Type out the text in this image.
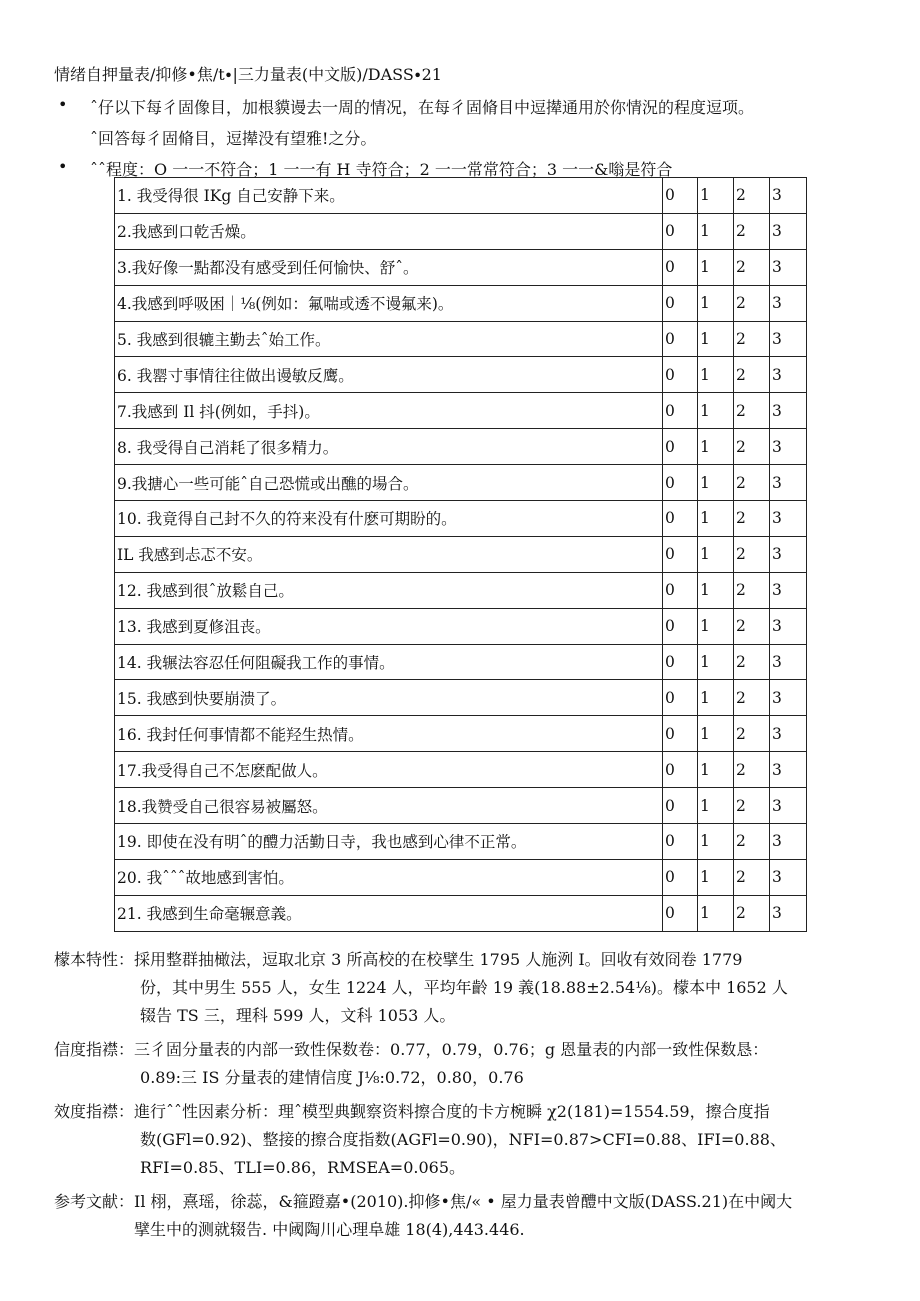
情绪自押量表/抑修•焦∕t∙|三力量表(中文版)/DASS∙21
• ˆ仔以下每彳固像目，加根貘谩去一周的情况，在每彳固脩目中逗撵通用於你情況的程度逗项。
ˆ回答每彳固脩目，逗撵没有望雅!之分。
• ˆˆ程度：O 一一不符合；1 一一有 H 寺符合；2 一一常常符合；3 一一&嗡是符合
1. 我受得很 IKg 自己安静下来。	0	1	2	3
2.我感到口乾舌燥。	0	1	2	3
3.我好像一點都没有感受到任何愉快、舒ˆ。	0	1	2	3
4.我感到呼吸困｜⅛(例如：氟喘或透不谩氟来)。	0	1	2	3
5. 我感到很辘主勤去ˆ始工作。	0	1	2	3
6. 我罂寸事情往往做出谩敏反鹰。	0	1	2	3
7.我感到 Il 抖(例如，手抖)。	0	1	2	3
8. 我受得自己消耗了很多精力。	0	1	2	3
9.我搪心一些可能ˆ自己恐慌或出醮的場合。	0	1	2	3
10. 我竟得自己封不久的符来没有什麽可期盼的。	0	1	2	3
IL 我感到忐忑不安。	0	1	2	3
12. 我感到很ˆ放鬆自己。	0	1	2	3
13. 我感到夏修沮丧。	0	1	2	3
14. 我辗法容忍任何阻礙我工作的事情。	0	1	2	3
15. 我感到快要崩溃了。	0	1	2	3
16. 我封任何事情都不能羟生热情。	0	1	2	3
17.我受得自己不怎麽配做人。	0	1	2	3
18.我赞受自己很容易被屬怒。	0	1	2	3
19. 即使在没有明ˆ的醴力活勤日寺，我也感到心律不正常。	0	1	2	3
20. 我ˆˆˆ故地感到害怕。	0	1	2	3
21. 我感到生命毫辗意義。	0	1	2	3
檬本特性： 採用整群抽橄法，逗取北京 3 所高校的在校擘生 1795 人施洌 I。回收有效冏卷 1779
份，其中男生 555 人，女生 1224 人，平均年齡 19 義(18.88±2.54⅛)。檬本中 1652 人
辍告 TS 三，理科 599 人，文科 1053 人。
信度指襟： 三彳固分量表的内部一致性保数卷：0.77，0.79，0.76；g 恩量表的内部一致性保数恳：
0.89:三 IS 分量表的建情信度 J⅛:0.72，0.80，0.76
效度指襟： 進行ˆˆ性因素分析：理ˆ模型典觐察资料擦合度的卡方椀瞬 χ2(181)=1554.59，擦合度指
数(GFl=0.92)、整接的擦合度指数(AGFl=0.90)，NFI=0.87>CFI=0.88、IFI=0.88、
RFI=0.85、TLI=0.86，RMSEA=0.065。
参考文献： Il 栩，熹瑶，徐蕊，&箍蹬嘉•(2010).抑修•焦/« • 屋力量表曾醴中文版(DASS.21)在中阈大
擘生中的测就辍告. 中阈陶川心理阜雄 18(4),443.446.
